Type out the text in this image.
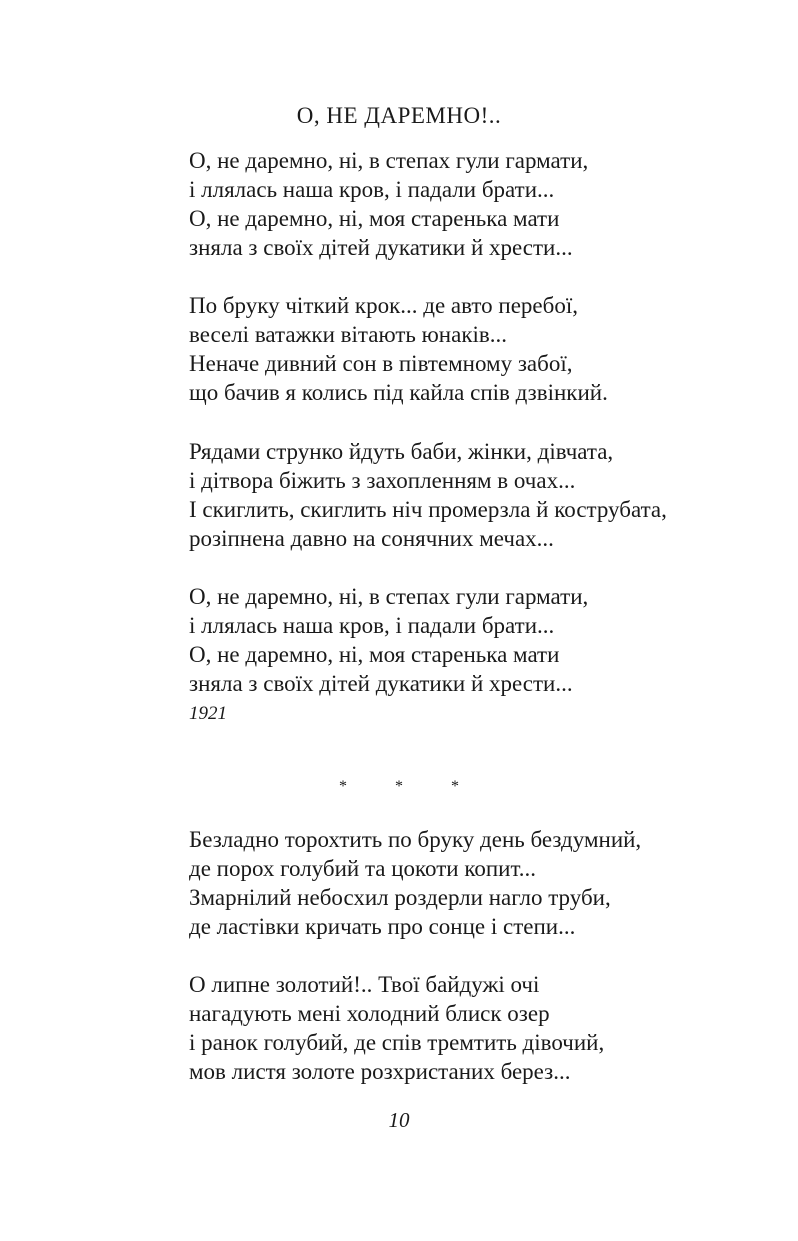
О, НЕ ДАРЕМНО!..
О, не даремно, ні, в степах гули гармати,
і ллялась наша кров, і падали брати...
О, не даремно, ні, моя старенька мати
зняла з своїх дітей дукатики й хрести...
По бруку чіткий крок... де авто перебої,
веселі ватажки вітають юнаків...
Неначе дивний сон в півтемному забої,
що бачив я колись під кайла спів дзвінкий.
Рядами струнко йдуть баби, жінки, дівчата,
і дітвора біжить з захопленням в очах...
І скиглить, скиглить ніч промерзла й кострубата,
розіпнена давно на сонячних мечах...
О, не даремно, ні, в степах гули гармати,
і ллялась наша кров, і падали брати...
О, не даремно, ні, моя старенька мати
зняла з своїх дітей дукатики й хрести...
1921
* * *
Безладно торохтить по бруку день бездумний,
де порох голубий та цокоти копит...
Змарнілий небосхил роздерли нагло труби,
де ластівки кричать про сонце і степи...
О липне золотий!.. Твої байдужі очі
нагадують мені холодний блиск озер
і ранок голубий, де спів тремтить дівочий,
мов листя золоте розхристаних берез...
10
